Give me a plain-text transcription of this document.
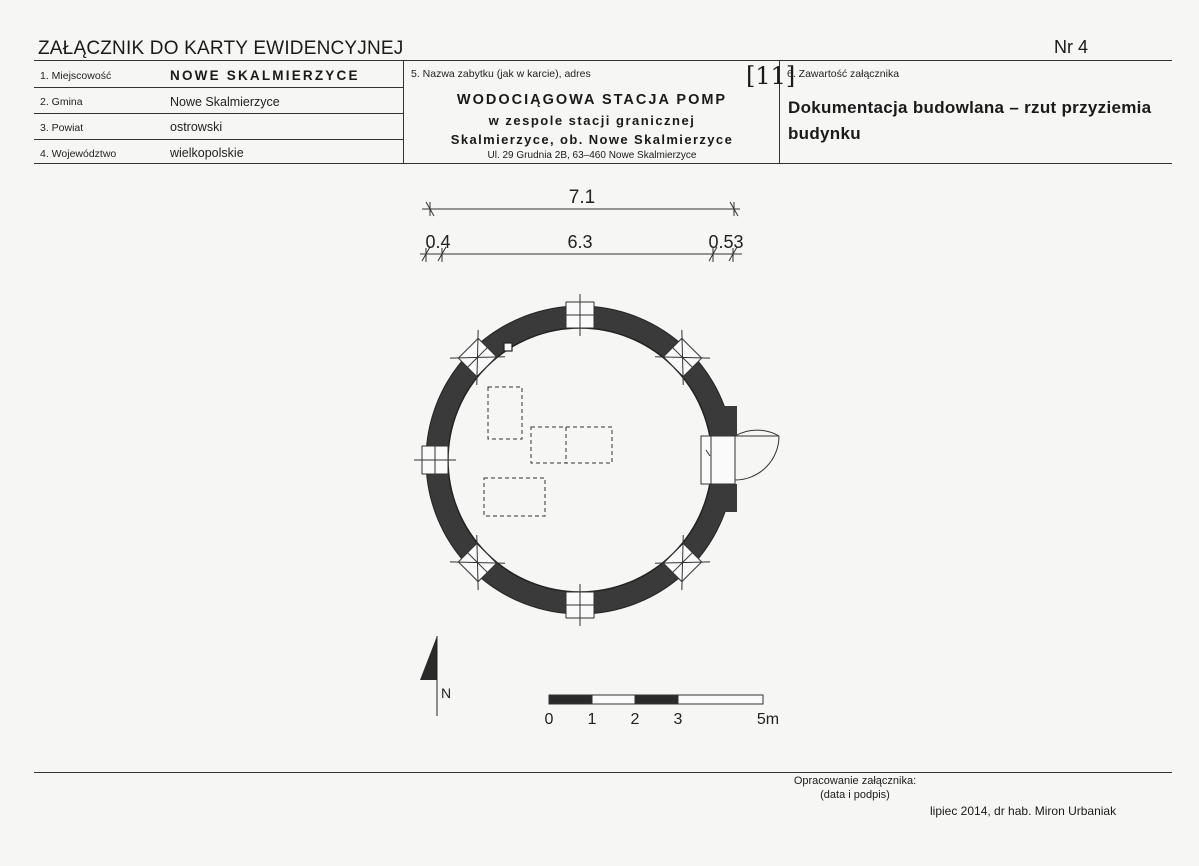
ZAŁĄCZNIK DO KARTY EWIDENCYJNEJ	Nr 4
1. Miejscowość	NOWE SKALMIERZYCE
2. Gmina	Nowe Skalmierzyce
3. Powiat	ostrowski
4. Województwo	wielkopolskie
5. Nazwa zabytku (jak w karcie), adres	[11]
WODOCIĄGOWA STACJA POMP
w zespole stacji granicznej
Skalmierzyce, ob. Nowe Skalmierzyce
Ul. 29 Grudnia 2B, 63–460 Nowe Skalmierzyce
6. Zawartość załącznika
Dokumentacja budowlana – rzut przyziemia budynku
7.1
0.4	6.3	0.53
N
0 1 2 3	5m
Opracowanie załącznika:
(data i podpis)
lipiec 2014, dr hab. Miron Urbaniak
